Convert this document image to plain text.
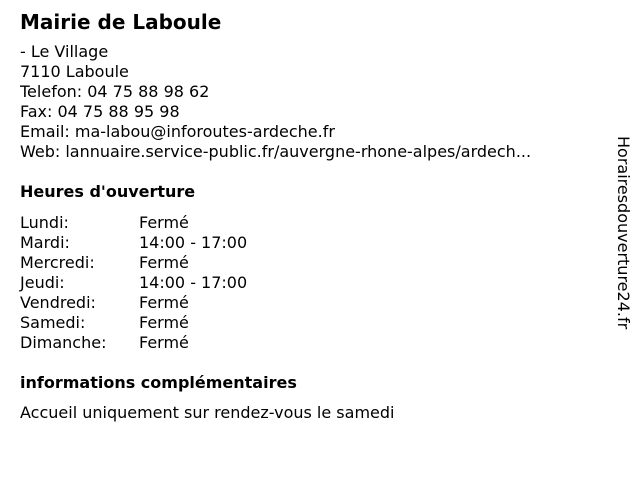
Mairie de Laboule
- Le Village
7110 Laboule
Telefon: 04 75 88 98 62
Fax: 04 75 88 95 98
Email: ma-labou@inforoutes-ardeche.fr
Web: lannuaire.service-public.fr/auvergne-rhone-alpes/ardech...
Heures d'ouverture
Lundi:	Fermé
Mardi:	14:00 - 17:00
Mercredi:	Fermé
Jeudi:	14:00 - 17:00
Vendredi:	Fermé
Samedi:	Fermé
Dimanche: Fermé
informations complémentaires
Accueil uniquement sur rendez-vous le samedi
Horairesdouverture24.fr
